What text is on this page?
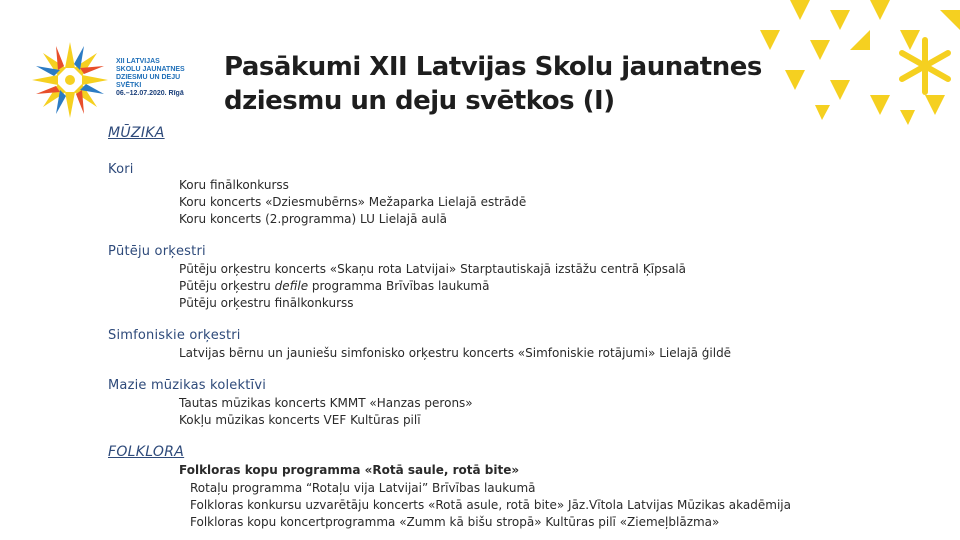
XII LATVIJAS
SKOLU JAUNATNES
DZIESMU UN DEJU
SVĒTKI
06.–12.07.2020. Rīgā
Pasākumi XII Latvijas Skolu jaunatnes
dziesmu un deju svētkos (I)
MŪZIKA
Kori
Koru finālkonkurss
Koru koncerts «Dziesmubērns» Mežaparka Lielajā estrādē
Koru koncerts (2.programma) LU Lielajā aulā
Pūtēju orķestri
Pūtēju orķestru koncerts «Skaņu rota Latvijai» Starptautiskajā izstāžu centrā Ķīpsalā
Pūtēju orķestru defile programma Brīvības laukumā
Pūtēju orķestru finālkonkurss
Simfoniskie orķestri
Latvijas bērnu un jauniešu simfonisko orķestru koncerts «Simfoniskie rotājumi» Lielajā ģildē
Mazie mūzikas kolektīvi
Tautas mūzikas koncerts KMMT «Hanzas perons»
Kokļu mūzikas koncerts VEF Kultūras pilī
FOLKLORA
Folkloras kopu programma «Rotā saule, rotā bite»
Rotaļu programma “Rotaļu vija Latvijai” Brīvības laukumā
Folkloras konkursu uzvarētāju koncerts «Rotā asule, rotā bite» Jāz.Vītola Latvijas Mūzikas akadēmija
Folkloras kopu koncertprogramma «Zumm kā bišu stropā» Kultūras pilī «Ziemeļblāzma»
